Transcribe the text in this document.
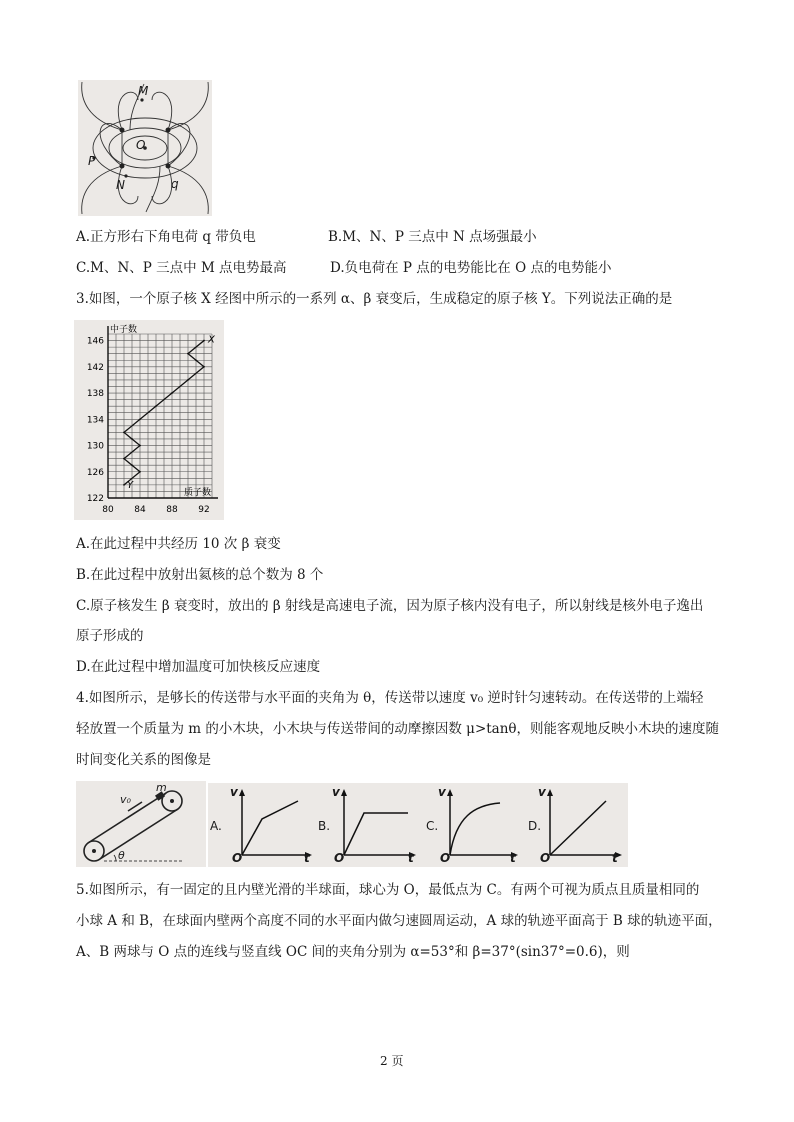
M
O
P
N	q
A.正方形右下角电荷 q 带负电	B.M、N、P 三点中 N 点场强最小
C.M、N、P 三点中 M 点电势最高	D.负电荷在 P 点的电势能比在 O 点的电势能小
3.如图，一个原子核 X 经图中所示的一系列 α、β 衰变后，生成稳定的原子核 Y。下列说法正确的是
80 84 88 92
122
126
130
134
138
142
146
中子数
质子数
X
Y
A.在此过程中共经历 10 次 β 衰变
B.在此过程中放射出氦核的总个数为 8 个
C.原子核发生 β 衰变时，放出的 β 射线是高速电子流，因为原子核内没有电子，所以射线是核外电子逸出
原子形成的
D.在此过程中增加温度可加快核反应速度
4.如图所示，是够长的传送带与水平面的夹角为 θ，传送带以速度 v₀ 逆时针匀速转动。在传送带的上端轻
轻放置一个质量为 m 的小木块，小木块与传送带间的动摩擦因数 μ>tanθ，则能客观地反映小木块的速度随
时间变化关系的图像是
v₀
m
θ
A.
v
t
O
B.
v
t
O
C.
v
t
O
D.
v
t
O
5.如图所示，有一固定的且内壁光滑的半球面，球心为 O，最低点为 C。有两个可视为质点且质量相同的
小球 A 和 B，在球面内壁两个高度不同的水平面内做匀速圆周运动，A 球的轨迹平面高于 B 球的轨迹平面，
A、B 两球与 O 点的连线与竖直线 OC 间的夹角分别为 α=53°和 β=37°(sin37°=0.6)，则
2 页
